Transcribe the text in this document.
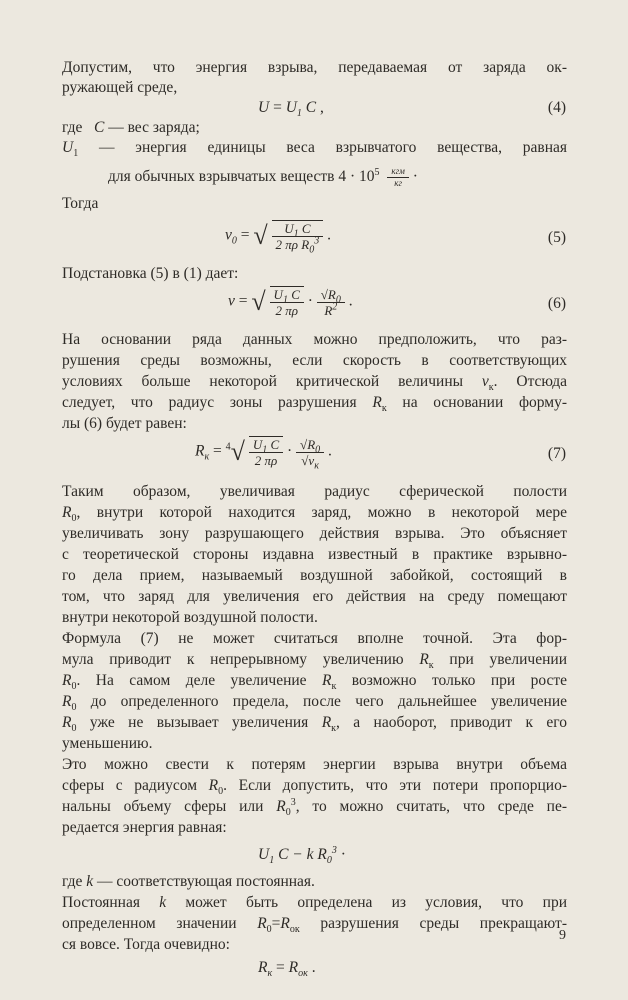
Допустим, что энергия взрыва, передаваемая от заряда ок-
ружающей среде,
$U = U_1$ C ,	(4)
где C — вес заряда;
$U_1$ — энергия единицы веса взрывчатого вещества, равная
для обычных взрывчатых веществ $4 \cdot 10^5 \frac{\text{кгм}}{кг}$ ·
Тогда
$v_0$ = √ $\frac{U_1 C}{2 \pi\rho R_0^3}$ .	(5)
Подстановка (5) в (1) дает:
v = √ $\frac{U_1 C}{2 \pi\rho} \cdot \frac{√R_0}{R^2}$ .	(6)
На основании ряда данных можно предположить, что раз-
рушения среды возможны, если скорость в соответствующих
условиях больше некоторой критической величины $v_к$. Отсюда
следует, что радиус зоны разрушения $R_к$ на основании форму-
лы (6) будет равен:
$R_к = ^4√ \frac{U_1 C}{2 \pi\rho} \cdot \frac{√R_0}{√v_к}$ .	(7)
Таким образом, увеличивая радиус сферической полости
$R_0$, внутри которой находится заряд, можно в некоторой мере
увеличивать зону разрушающего действия взрыва. Это объясняет
с теоретической стороны издавна известный в практике взрывно-
го дела прием, называемый воздушной забойкой, состоящий в
том, что заряд для увеличения его действия на среду помещают
внутри некоторой воздушной полости.
Формула (7) не может считаться вполне точной. Эта фор-
мула приводит к непрерывному увеличению $R_к$ при увеличении
$R_0$. На самом деле увеличение $R_к$ возможно только при росте
$R_0$ до определенного предела, после чего дальнейшее увеличение
$R_0$ уже не вызывает увеличения $R_к$, а наоборот, приводит к его
уменьшению.
Это можно свести к потерям энергии взрыва внутри объема
сферы с радиусом $R_0$. Если допустить, что эти потери пропорцио-
нальны объему сферы или $R_0^3$, то можно считать, что среде пе-
редается энергия равная:
$U_1$ C − k $R_0^3$ ·
где k — соответствующая постоянная.
Постоянная k может быть определена из условия, что при
определенном значении $R_0=R_{ок}$ разрушения среды прекращают-
ся вовсе. Тогда очевидно:
$R_к = R_{ок}$ .
9
